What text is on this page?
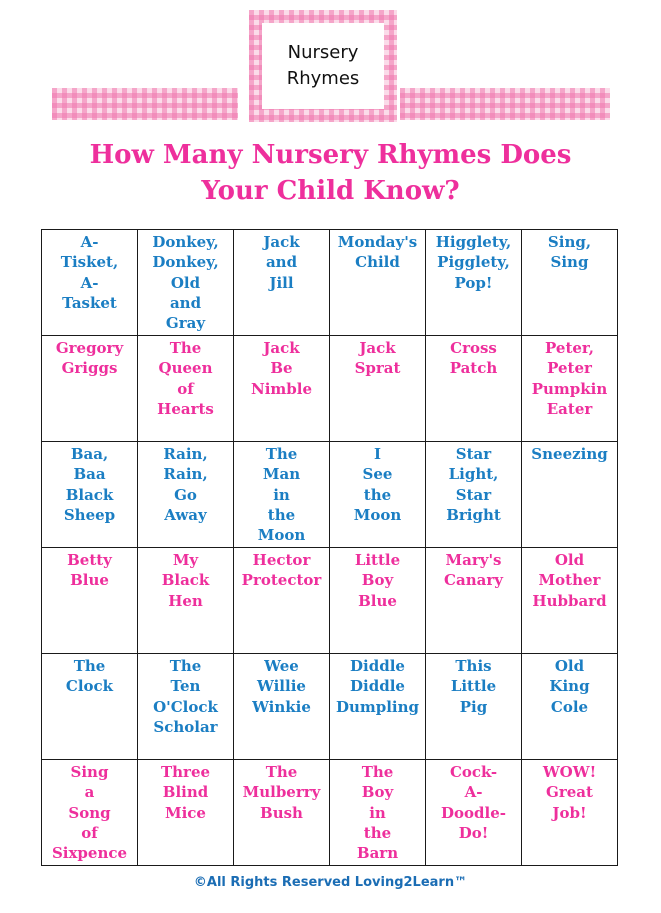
Nursery
Rhymes
How Many Nursery Rhymes Does
Your Child Know?
A- Tisket, A- Tasket	Donkey, Donkey, Old and Gray	Jack and Jill	Monday's Child	Higglety, Pigglety, Pop!	Sing, Sing

Gregory Griggs	The Queen of Hearts	Jack Be Nimble	Jack Sprat	Cross Patch	Peter, Peter Pumpkin Eater

Baa, Baa Black Sheep	Rain, Rain, Go Away	The Man in the Moon	I See the Moon	Star Light, Star Bright	Sneezing

Betty Blue	My Black Hen	Hector Protector	Little Boy Blue	Mary's Canary	Old Mother Hubbard

The Clock	The Ten O'Clock Scholar	Wee Willie Winkie	Diddle Diddle Dumpling	This Little Pig	Old King Cole

Sing a Song of Sixpence	Three Blind Mice	The Mulberry Bush	The Boy in the Barn	Cock- A- Doodle- Do!	WOW! Great Job!
©All Rights Reserved Loving2Learn™
